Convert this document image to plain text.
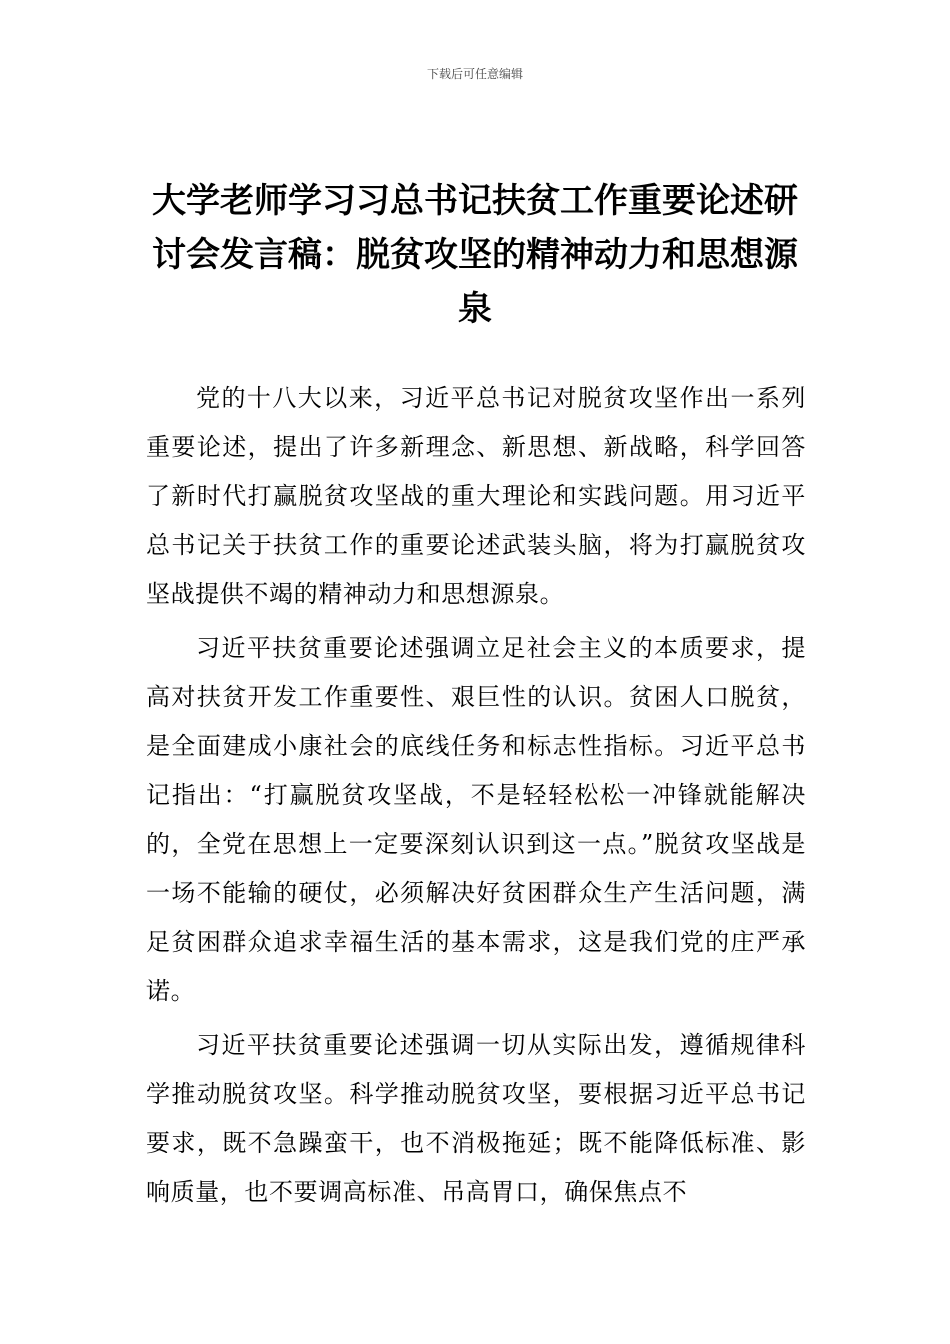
下载后可任意编辑
大学老师学习习总书记扶贫工作重要论述研讨会发言稿：脱贫攻坚的精神动力和思想源泉

党的十八大以来，习近平总书记对脱贫攻坚作出一系列重要论述，提出了许多新理念、新思想、新战略，科学回答了新时代打赢脱贫攻坚战的重大理论和实践问题。用习近平总书记关于扶贫工作的重要论述武装头脑，将为打赢脱贫攻坚战提供不竭的精神动力和思想源泉。

习近平扶贫重要论述强调立足社会主义的本质要求，提高对扶贫开发工作重要性、艰巨性的认识。贫困人口脱贫，是全面建成小康社会的底线任务和标志性指标。习近平总书记指出：“打赢脱贫攻坚战，不是轻轻松松一冲锋就能解决的，全党在思想上一定要深刻认识到这一点。”脱贫攻坚战是一场不能输的硬仗，必须解决好贫困群众生产生活问题，满足贫困群众追求幸福生活的基本需求，这是我们党的庄严承诺。

习近平扶贫重要论述强调一切从实际出发，遵循规律科学推动脱贫攻坚。科学推动脱贫攻坚，要根据习近平总书记要求，既不急躁蛮干，也不消极拖延；既不能降低标准、影响质量，也不要调高标准、吊高胃口，确保焦点不
